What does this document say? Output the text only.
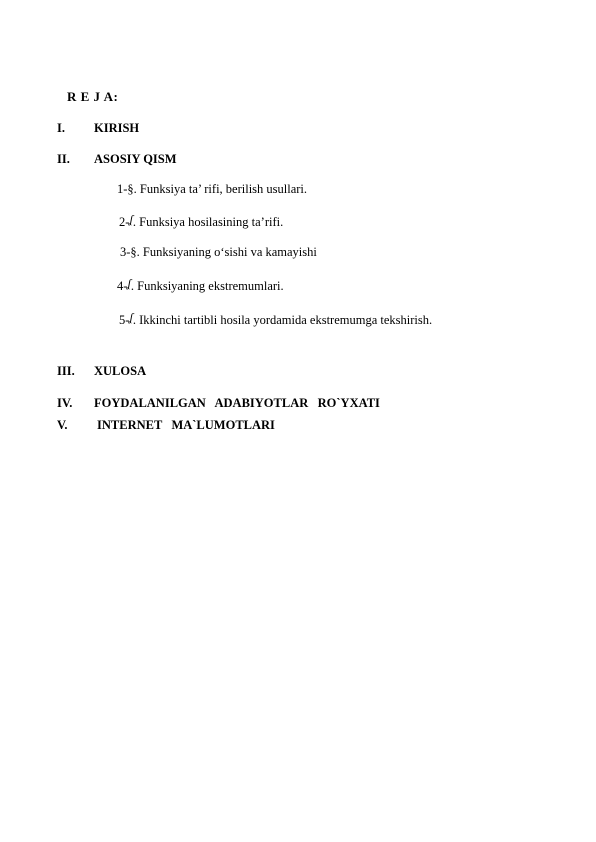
R E J A:
I. KIRISH
II. ASOSIY QISM
1-§. Funksiya ta’ rifi, berilish usullari.
2-ʆ. Funksiya hosilasining ta’rifi.
3-§. Funksiyaning o‘sishi va kamayishi
4-ʆ. Funksiyaning ekstremumlari.
5-ʆ. Ikkinchi tartibli hosila yordamida ekstremumga tekshirish.
III. XULOSA
IV. FOYDALANILGAN   ADABIYOTLAR   RO`YXATI
V. INTERNET   MA`LUMOTLARI
